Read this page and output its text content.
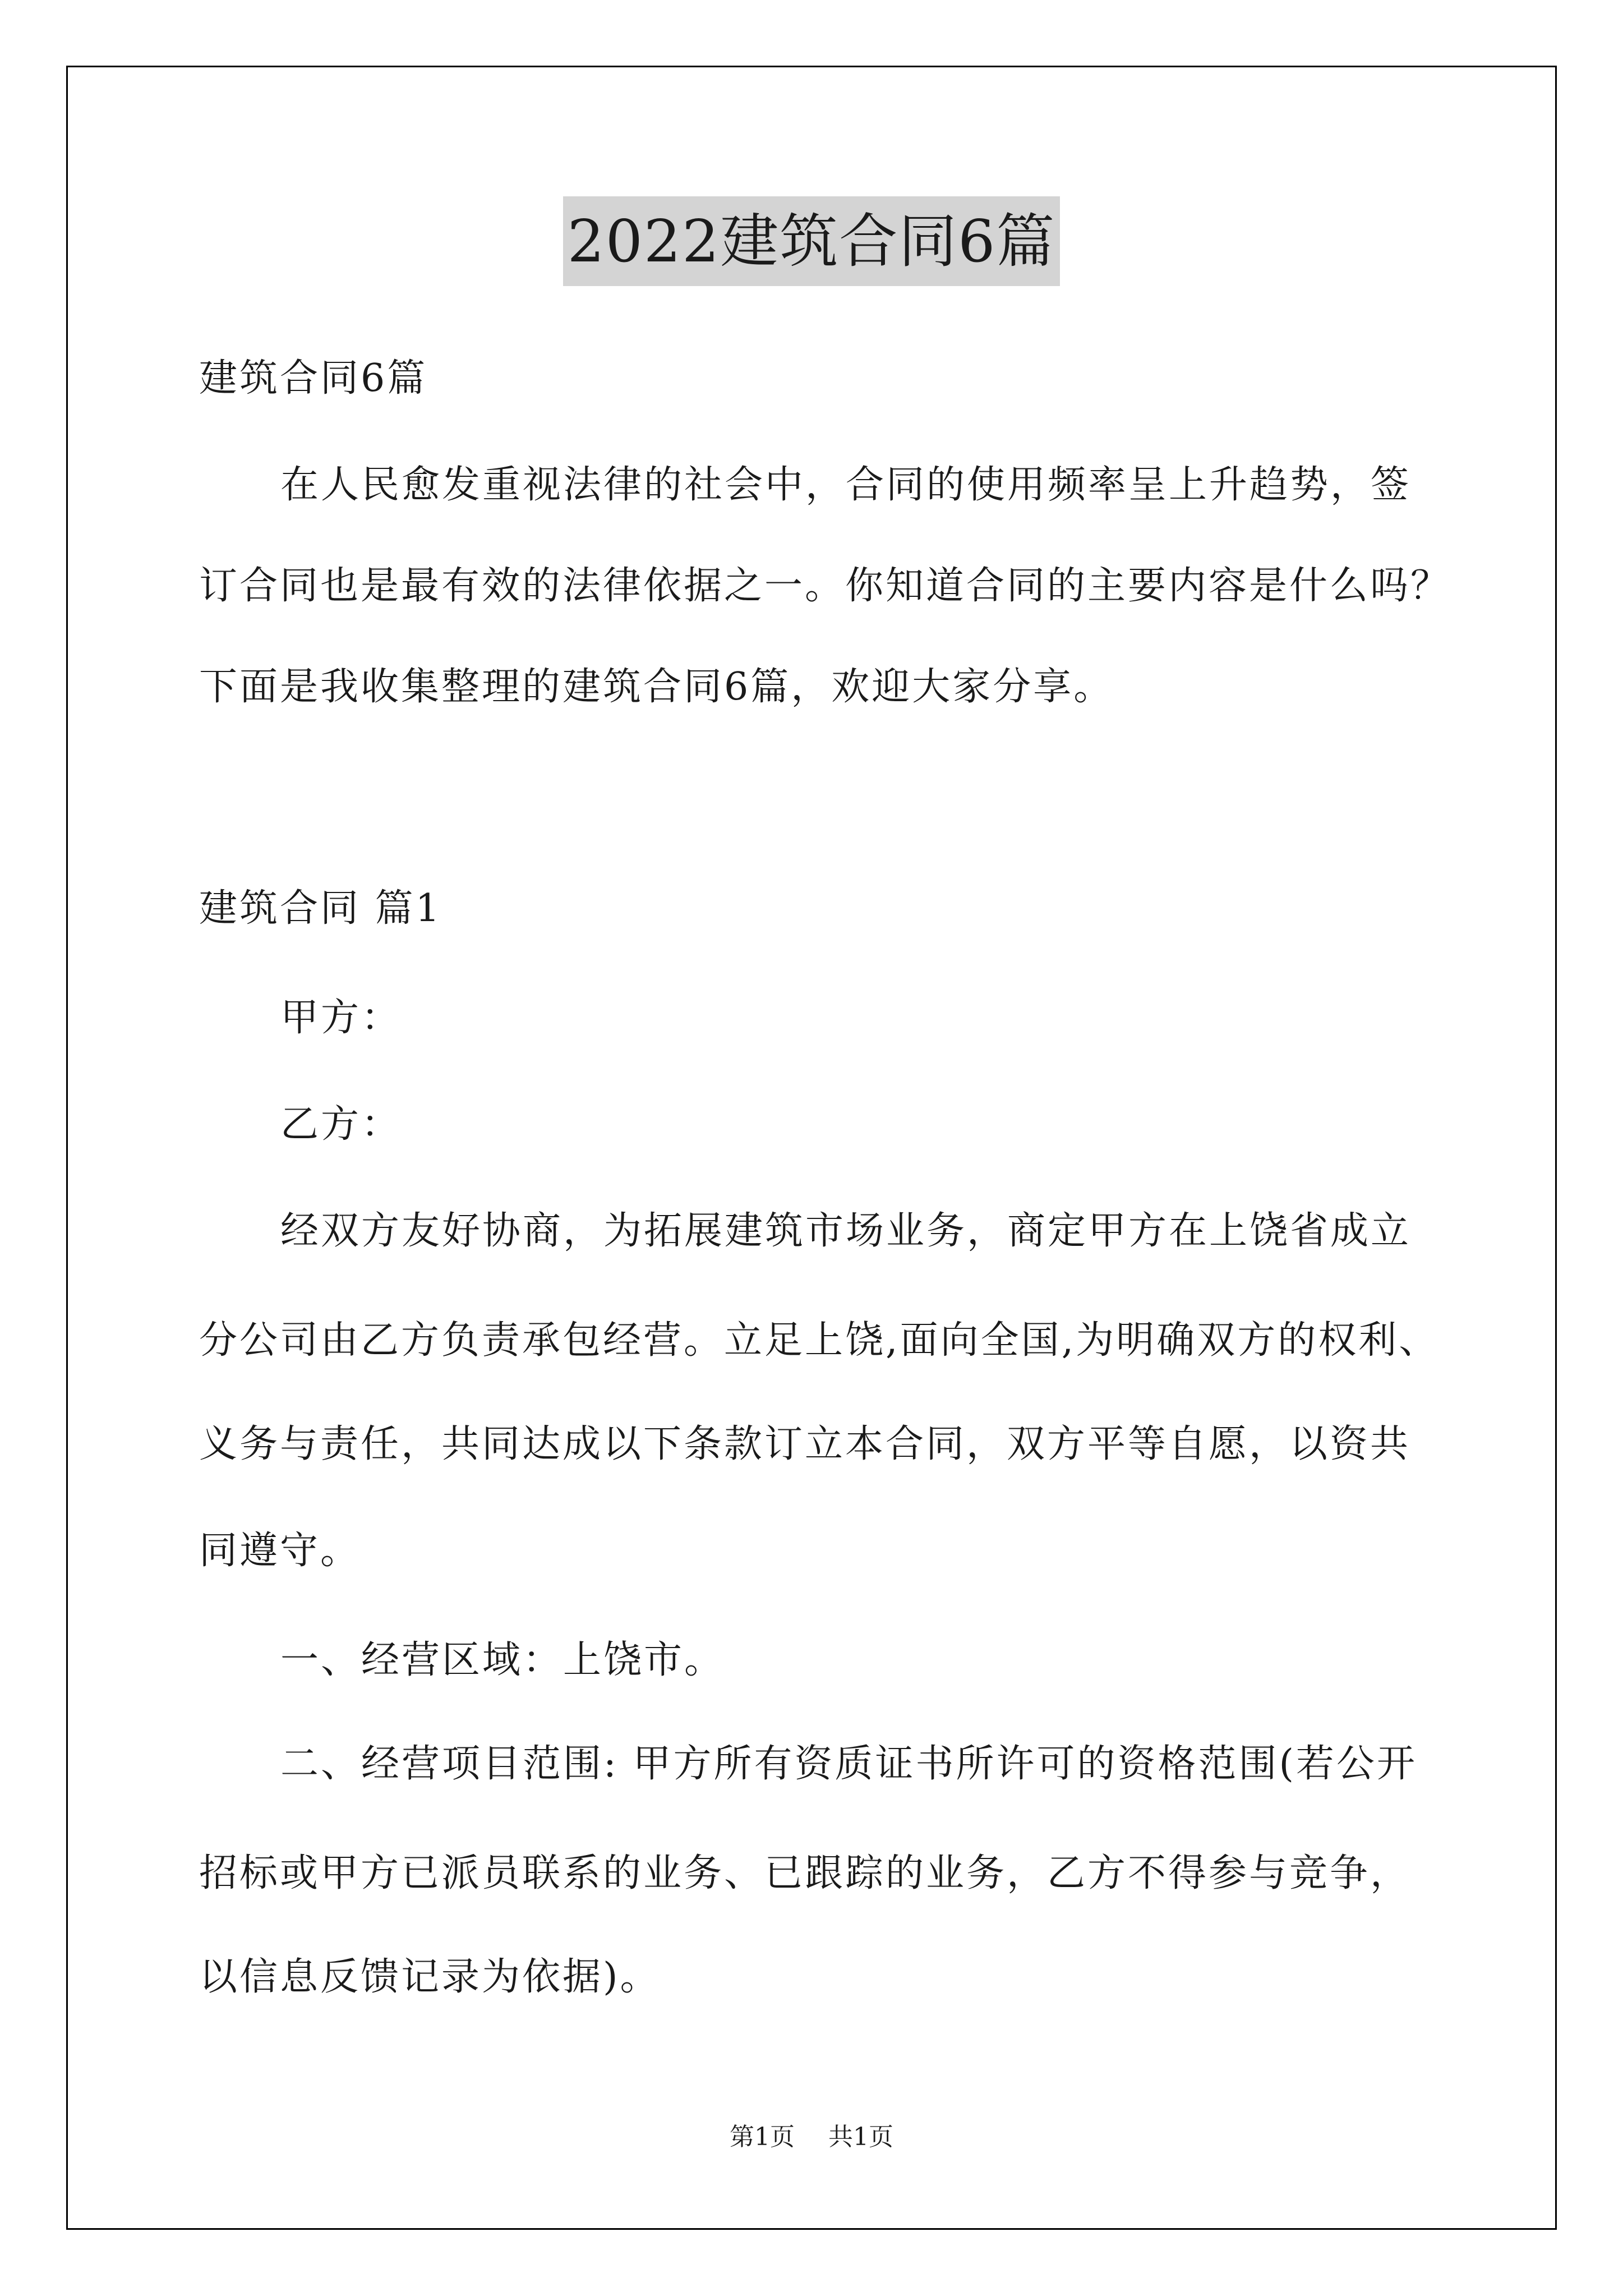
2022建筑合同6篇
建筑合同6篇
在人民愈发重视法律的社会中，合同的使用频率呈上升趋势，签
订合同也是最有效的法律依据之一。你知道合同的主要内容是什么吗？
下面是我收集整理的建筑合同6篇，欢迎大家分享。
建筑合同 篇1
甲方：
乙方：
经双方友好协商，为拓展建筑市场业务，商定甲方在上饶省成立
分公司由乙方负责承包经营。立足上饶,面向全国,为明确双方的权利、
义务与责任，共同达成以下条款订立本合同，双方平等自愿，以资共
同遵守。
一、经营区域：上饶市。
二、经营项目范围: 甲方所有资质证书所许可的资格范围(若公开
招标或甲方已派员联系的业务、已跟踪的业务，乙方不得参与竞争，
以信息反馈记录为依据)。
第1页 共1页
